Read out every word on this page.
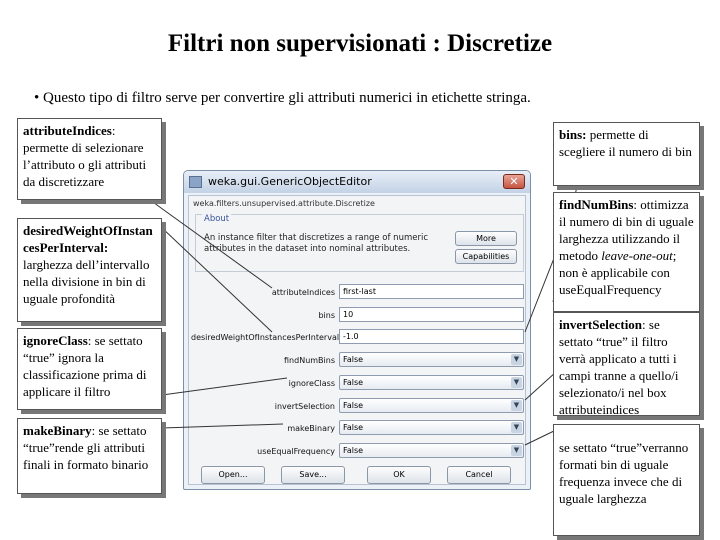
Filtri non supervisionati : Discretize
• Questo tipo di filtro serve per convertire gli attributi numerici in etichette stringa.
weka.gui.GenericObjectEditor	✕
weka.filters.unsupervised.attribute.Discretize
About
An instance filter that discretizes a range of numeric attributes in the dataset into nominal attributes.
More
Capabilities
attributeIndices	first-last
bins	10
desiredWeightOfInstancesPerInterval -1.0
findNumBins	False	▼
ignoreClass	False	▼
invertSelection	False	▼
makeBinary	False	▼
useEqualFrequency	False	▼
Open...	Save...	OK	Cancel
attributeIndices: permette di selezionare l’attributo o gli attributi da discretizzare
desiredWeightOfInstancesPerInterval: larghezza dell’intervallo nella divisione in bin di uguale profondità
ignoreClass: se settato “true” ignora la classificazione prima di applicare il filtro
makeBinary: se settato “true”rende gli attributi finali in formato binario
bins: permette di scegliere il numero di bin
se settato “true”verranno formati bin di uguale frequenza invece che di uguale larghezza
findNumBins: ottimizza il numero di bin di uguale larghezza utilizzando il metodo leave-one-out; non è applicabile con useEqualFrequency
invertSelection: se settato “true” il filtro verrà applicato a tutti i campi tranne a quello/i selezionato/i nel box attributeindices
